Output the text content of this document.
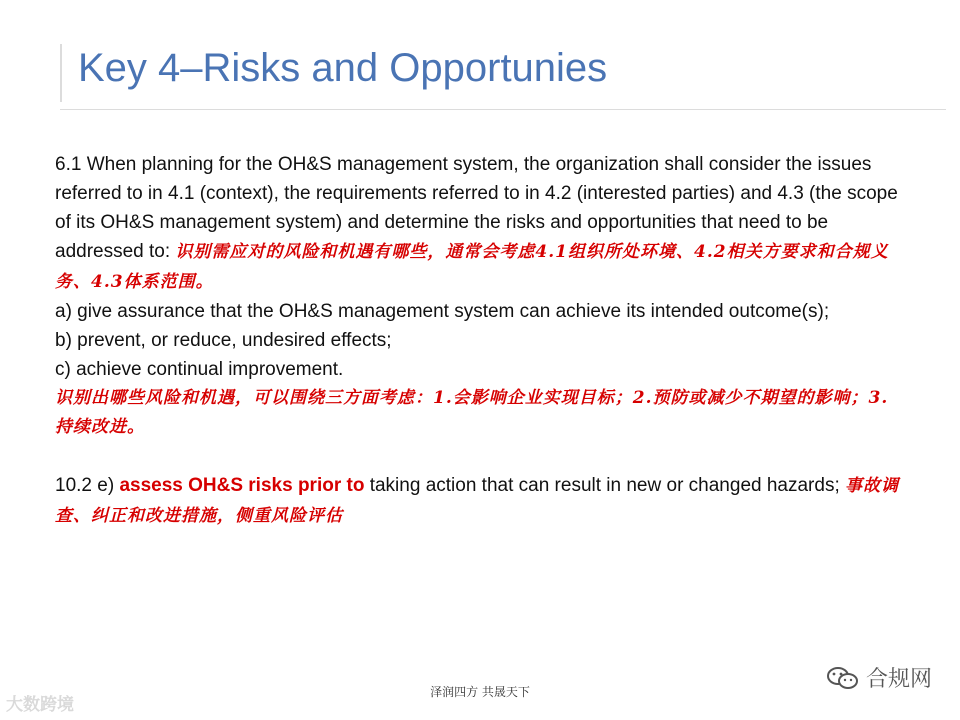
Key 4–Risks and Opportunies

6.1 When planning for the OH&S management system, the organization shall consider the issues referred to in 4.1 (context), the requirements referred to in 4.2 (interested parties) and 4.3 (the scope of its OH&S management system) and determine the risks and opportunities that need to be addressed to: 识别需应对的风险和机遇有哪些，通常会考虑4.1组织所处环境、4.2相关方要求和合规义务、4.3体系范围。

a) give assurance that the OH&S management system can achieve its intended outcome(s);

b) prevent, or reduce, undesired effects;

c) achieve continual improvement.

识别出哪些风险和机遇，可以围绕三方面考虑：1.会影响企业实现目标；2.预防或减少不期望的影响；3.持续改进。

10.2 e) assess OH&S risks prior to taking action that can result in new or changed hazards; 事故调查、纠正和改进措施，侧重风险评估

泽润四方 共晟天下
大数跨境
合规网
